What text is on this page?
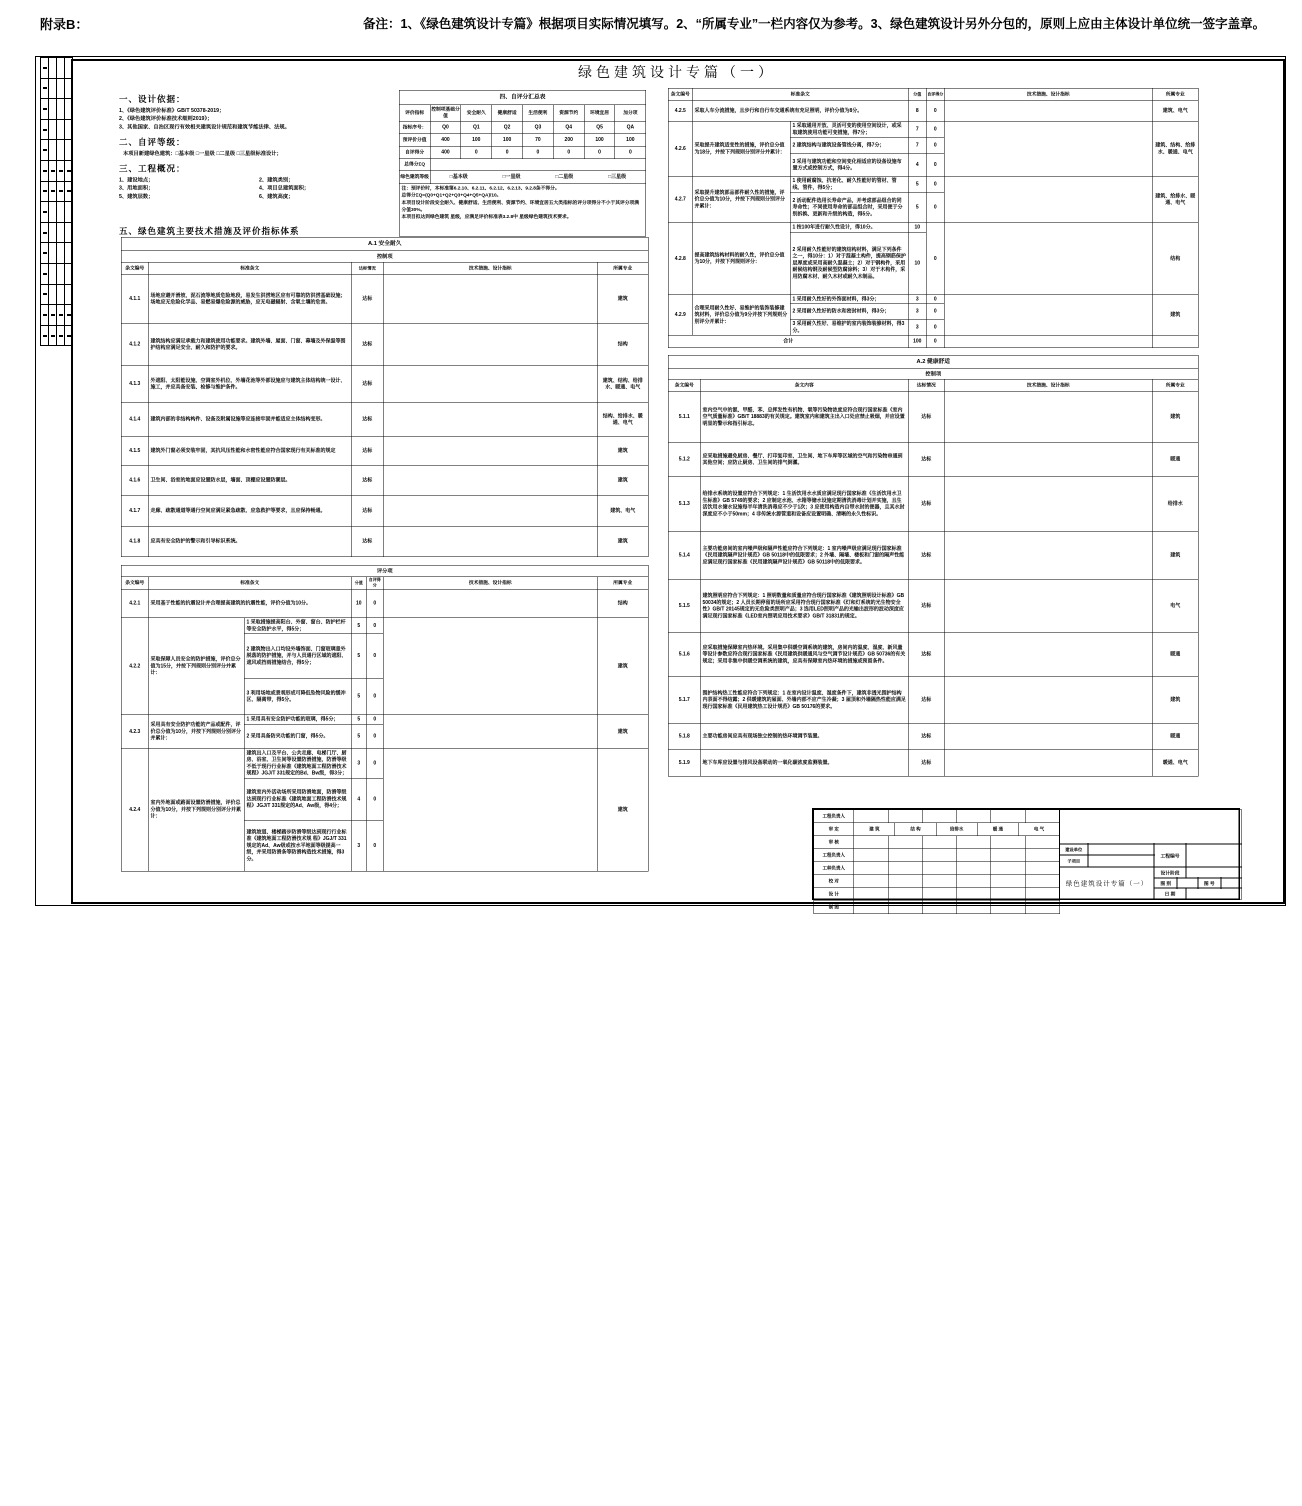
附录B：	备注：1、《绿色建筑设计专篇》根据项目实际情况填写。2、“所属专业”一栏内容仅为参考。3、绿色建筑设计另外分包的，原则上应由主体设计单位统一签字盖章。

绿色建筑设计专篇（一）
一、设计依据：
1、《绿色建筑评价标准》GB/T 50378-2019；
2、《绿色建筑评价标准技术细则2019》；
3、其他国家、自治区现行有效相关建筑设计规范和建筑节能法律、法规。
二、自评等级：
本项目新建绿色建筑：□基本级 □一星级 □二星级 □三星级标准设计；
三、工程概况：
1、建设地点；	2、建筑类别；
3、用地面积；	4、项目总建筑面积；
5、建筑层数；	6、建筑高度；
四、自评分汇总表							
评价指标	控制项基础分值	安全耐久	健康舒适	生活便利	资源节约	环境宜居	加分项
指标序号：	Q0	Q1	Q2	Q3	Q4	Q5	QA
预评价分值	400	100	100	70	200	100	100
自评得分	400	0	0	0	0	0	0
总得分ΣQ							
绿色建筑等级	□基本级 □一星级 □二星级 □三星级						

注：预评价时，本标准第6.2.10、6.2.11、6.2.12、6.2.13、9.2.8条不得分。
总得分ΣQ=(Q0+Q1+Q2+Q3+Q4+Q5+QA)/10。
本项目设计阶段安全耐久、健康舒适、生活便利、资源节约、环境宜居五大类指标的评分项得分不小于其评分项满分值30%。
本项目拟达到绿色建筑 星级，应满足评价标准表3.2.8中 星级绿色建筑技术要求。							
五、绿色建筑主要技术措施及评价指标体系
A.1 安全耐久				
控制项				
条文编号	标准条文	达标情况	技术措施、设计指标	所属专业
4.1.1	场地应避开滑坡、泥石流等地质危险地段，易发生洪涝地区应有可靠的防洪涝基础设施；场地应无危险化学品、易燃易爆危险源的威胁，应无电磁辐射、含氡土壤的危害。	达标		建筑
4.1.2	建筑结构应满足承载力和建筑使用功能要求。建筑外墙、屋面、门窗、幕墙及外保温等围护结构应满足安全、耐久和防护的要求。	达标		结构
4.1.3	外遮阳、太阳能设施、空调室外机位、外墙花池等外部设施应与建筑主体结构统一设计、施工，并应具备安装、检修与维护条件。	达标		建筑、结构、给排水、暖通、电气
4.1.4	建筑内部的非结构构件、设备及附属设施等应连接牢固并能适应主体结构变形。	达标		结构、给排水、暖通、电气
4.1.5	建筑外门窗必须安装牢固，其抗风压性能和水密性能应符合国家现行有关标准的规定	达标		建筑
4.1.6	卫生间、浴室的地面应设置防水层，墙面、顶棚应设置防潮层。	达标		建筑
4.1.7	走廊、疏散通道等通行空间应满足紧急疏散、应急救护等要求，且应保持畅通。	达标		建筑、电气
4.1.8	应具有安全防护的警示和引导标识系统。	达标		建筑
评分项						
条文编号	标准条文		分值	自评得分	技术措施、设计指标	所属专业
4.2.1	采用基于性能的抗震设计并合理提高建筑的抗震性能，评价分值为10分。		10	0		结构
4.2.2	采取保障人员安全的防护措施，评价总分值为15分，并按下列规则分别评分并累计：	1 采取措施提高阳台、外窗、窗台、防护栏杆等安全防护水平，得5分；	5	0		建筑
		2 建筑物出入口均设外墙饰面、门窗玻璃意外脱落的防护措施，并与人员通行区域的遮阳、遮风或挡雨措施结合，得5分；	5	0		
		3 利用场地或景观形成可降低坠物风险的缓冲区、隔离带，得5分。	5	0		
4.2.3	采用具有安全防护功能的产品或配件，评价总分值为10分，并按下列规则分别评分并累计：	1 采用具有安全防护功能的玻璃，得5分；	5	0		建筑
		2 采用具备防夹功能的门窗，得5分。	5	0		
4.2.4	室内外地面或路面设置防滑措施，评价总分值为10分，并按下列规则分别评分并累计：	建筑出入口及平台、公共走廊、电梯门厅、厨房、浴室、卫生间等设置防滑措施，防滑等级不低于现行行业标准《建筑地面工程防滑技术规程》JGJ/T 331规定的Bd、Bw级，得3分；	3	0		建筑
		建筑室内外活动场所采用防滑地面，防滑等级达到现行行业标准《建筑地面工程防滑技术规程》JGJ/T 331规定的Ad、Aw级，得4分；	4	0		
		建筑坡道、楼梯踏步防滑等级达到现行行业标准《建筑地面工程防滑技术规 程》JGJ/T 331规定的Ad、Aw级或按水平地面等级提高一级，并采用防滑条等防滑构造技术措施，得3分。	3	0		
条文编号	标准条文		分值	自评得分	技术措施、设计指标	所属专业
4.2.5	采取人车分流措施，且步行和自行车交通系统有充足照明，评价分值为8分。		8	0		建筑、电气
4.2.6	采取提升建筑适变性的措施，评价总分值为18分，并按下列规则分别评分并累计：	1 采取通用开放、灵活可变的使用空间设计，或采取建筑使用功能可变措施，得7分；	7	0		建筑、结构、给排水、暖通、电气
		2 建筑结构与建筑设备管线分离，得7分；	7	0		
		3 采用与建筑功能和空间变化相适应的设备设施布置方式或控制方式，得4分。	4	0		
4.2.7	采取提升建筑部品部件耐久性的措施，评价总分值为10分，并按下列规则分别评分并累计：	1 使用耐腐蚀、抗老化、耐久性能好的管材、管线、管件，得5分；	5	0		建筑、给排水、暖通、电气
		2 活动配件选用长寿命产品，并考虑部品组合的同寿命性；不同使用寿命的部品组合时，采用便于分别拆换、更新和升级的构造，得5分。	5	0		
4.2.8	提高建筑结构材料的耐久性，评价总分值为10分，并按下列规则评分：	1 按100年进行耐久性设计，得10分。	10	0		结构
		2 采用耐久性能好的建筑结构材料，满足下列条件之一，得10分：1）对于混凝土构件，提高钢筋保护层厚度或采用高耐久混凝土；2）对于钢构件，采用耐候结构钢及耐候型防腐涂料；3）对于木构件，采用防腐木材、耐久木材或耐久木制品。	10			
4.2.9	合理采用耐久性好、易维护的装饰装修建筑材料，评价总分值为9分并按下列规则分别评分并累计：	1 采用耐久性好的外饰面材料，得3分；	3	0		建筑
		2 采用耐久性好的防水和密封材料，得3分；	3	0		
		3 采用耐久性好、易维护的室内装饰装修材料，得3分。	3	0		
合计			100	0		
A.2 健康舒适				
控制项				
条文编号	条文内容	达标情况	技术措施、设计指标	所属专业
5.1.1	室内空气中的氨、甲醛、苯、总挥发性有机物、氡等污染物浓度应符合现行国家标准《室内空气质量标准》GB/T 18883的有关规定。建筑室内和建筑主出入口处应禁止吸烟，并应设置明显的警示和指引标志。	达标		建筑
5.1.2	应采取措施避免厨房、餐厅、打印复印室、卫生间、地下车库等区域的空气和污染物串通到其他空间；应防止厨房、卫生间的排气倒灌。	达标		暖通
5.1.3	给排水系统的设置应符合下列规定：1 生活饮用水水质应满足现行国家标准《生活饮用水卫生标准》GB 5749的要求；2 应制定水池、水箱等储水设施定期清洗消毒计划并实施，且生活饮用水储水设施每半年清洗消毒应不少于1次；3 应使用构造内自带水封的便器，且其水封深度应不小于50mm；4 非传统水源管道和设备应设置明确、清晰的永久性标识。	达标		给排水
5.1.4	主要功能房间的室内噪声级和隔声性能应符合下列规定：1 室内噪声级应满足现行国家标准《民用建筑隔声设计规范》GB 50118中的低限要求；2 外墙、隔墙、楼板和门窗的隔声性能应满足现行国家标准《民用建筑隔声设计规范》GB 50118中的低限要求。	达标		建筑
5.1.5	建筑照明应符合下列规定：1 照明数量和质量应符合现行国家标准《建筑照明设计标准》GB 50034的规定；2 人员长期停留的场所应采用符合现行国家标准《灯和灯系统的光生物安全性》GB/T 20145规定的无危险类照明产品；3 选用LED照明产品的光输出波形的波动深度应满足现行国家标准《LED室内照明应用技术要求》GB/T 31831的规定。	达标		电气
5.1.6	应采取措施保障室内热环境。采用集中供暖空调系统的建筑，房间内的温度、湿度、新风量等设计参数应符合现行国家标准《民用建筑供暖通风与空气调节设计规范》GB 50736的有关规定；采用非集中供暖空调系统的建筑，应具有保障室内热环境的措施或预留条件。	达标		暖通
5.1.7	围护结构热工性能应符合下列规定：1 在室内设计温度、湿度条件下，建筑非透光围护结构内表面不得结露；2 供暖建筑的屋面、外墙内部不应产生冷凝；3 屋顶和外墙隔热性能应满足现行国家标准《民用建筑热工设计规范》GB 50176的要求。	达标		建筑
5.1.8	主要功能房间应具有现场独立控制的热环境调节装置。	达标		暖通
5.1.9	地下车库应设置与排风设备联动的一氧化碳浓度监测装置。	达标		暖通、电气
工程负责人										
审 定	建 筑		结 构		给排水		暖 通		电 气	
审 核										
工程负责人										
工种负责人										
校 对										
设 计										
制 图										
建设单位
子项目
工程编号
绿色建筑设计专篇（一）
设计阶段
图 别	图 号
日 期
